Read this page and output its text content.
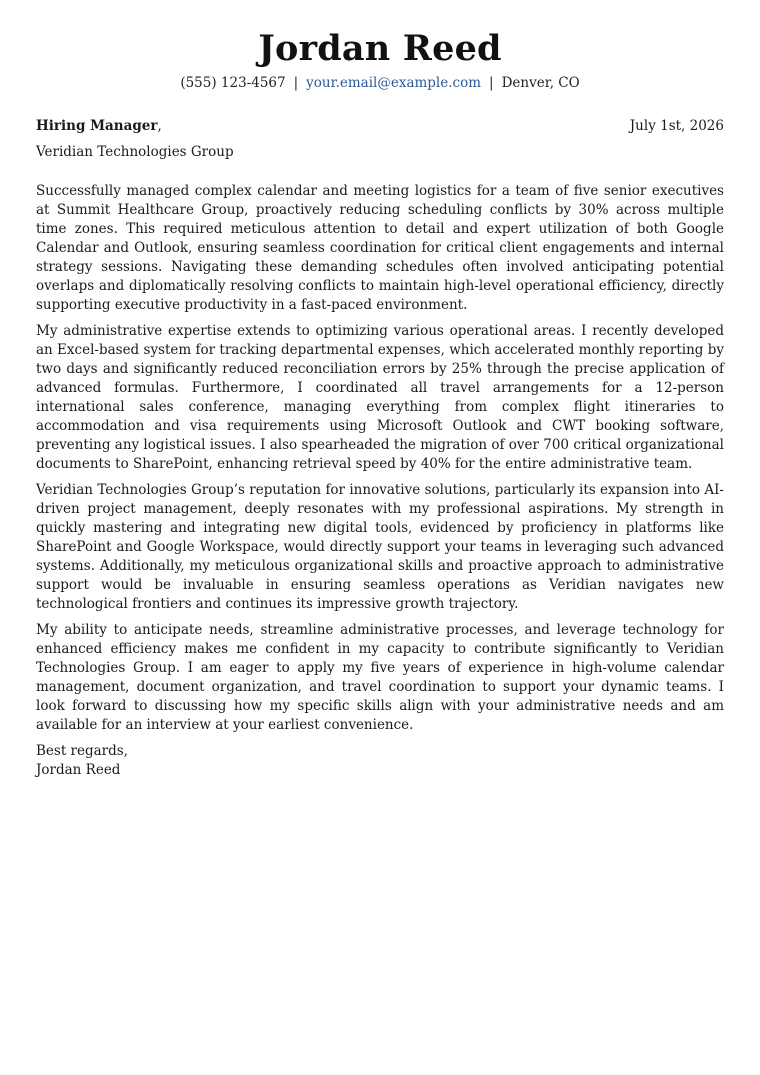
Jordan Reed
(555) 123-4567 | your.email@example.com | Denver, CO
Hiring Manager,	July 1st, 2026
Veridian Technologies Group

Successfully managed complex calendar and meeting logistics for a team of five senior executives at Summit Healthcare Group, proactively reducing scheduling conflicts by 30% across multiple time zones. This required meticulous attention to detail and expert utilization of both Google Calendar and Outlook, ensuring seamless coordination for critical client engagements and internal strategy sessions. Navigating these demanding schedules often involved anticipating potential overlaps and diplomatically resolving conflicts to maintain high-level operational efficiency, directly supporting executive productivity in a fast-paced environment.

My administrative expertise extends to optimizing various operational areas. I recently developed an Excel-based system for tracking departmental expenses, which accelerated monthly reporting by two days and significantly reduced reconciliation errors by 25% through the precise application of advanced formulas. Furthermore, I coordinated all travel arrangements for a 12-person international sales conference, managing everything from complex flight itineraries to accommodation and visa requirements using Microsoft Outlook and CWT booking software, preventing any logistical issues. I also spearheaded the migration of over 700 critical organizational documents to SharePoint, enhancing retrieval speed by 40% for the entire administrative team.

Veridian Technologies Group’s reputation for innovative solutions, particularly its expansion into AI-driven project management, deeply resonates with my professional aspirations. My strength in quickly mastering and integrating new digital tools, evidenced by proficiency in platforms like SharePoint and Google Workspace, would directly support your teams in leveraging such advanced systems. Additionally, my meticulous organizational skills and proactive approach to administrative support would be invaluable in ensuring seamless operations as Veridian navigates new technological frontiers and continues its impressive growth trajectory.

My ability to anticipate needs, streamline administrative processes, and leverage technology for enhanced efficiency makes me confident in my capacity to contribute significantly to Veridian Technologies Group. I am eager to apply my five years of experience in high-volume calendar management, document organization, and travel coordination to support your dynamic teams. I look forward to discussing how my specific skills align with your administrative needs and am available for an interview at your earliest convenience.

Best regards,
Jordan Reed
